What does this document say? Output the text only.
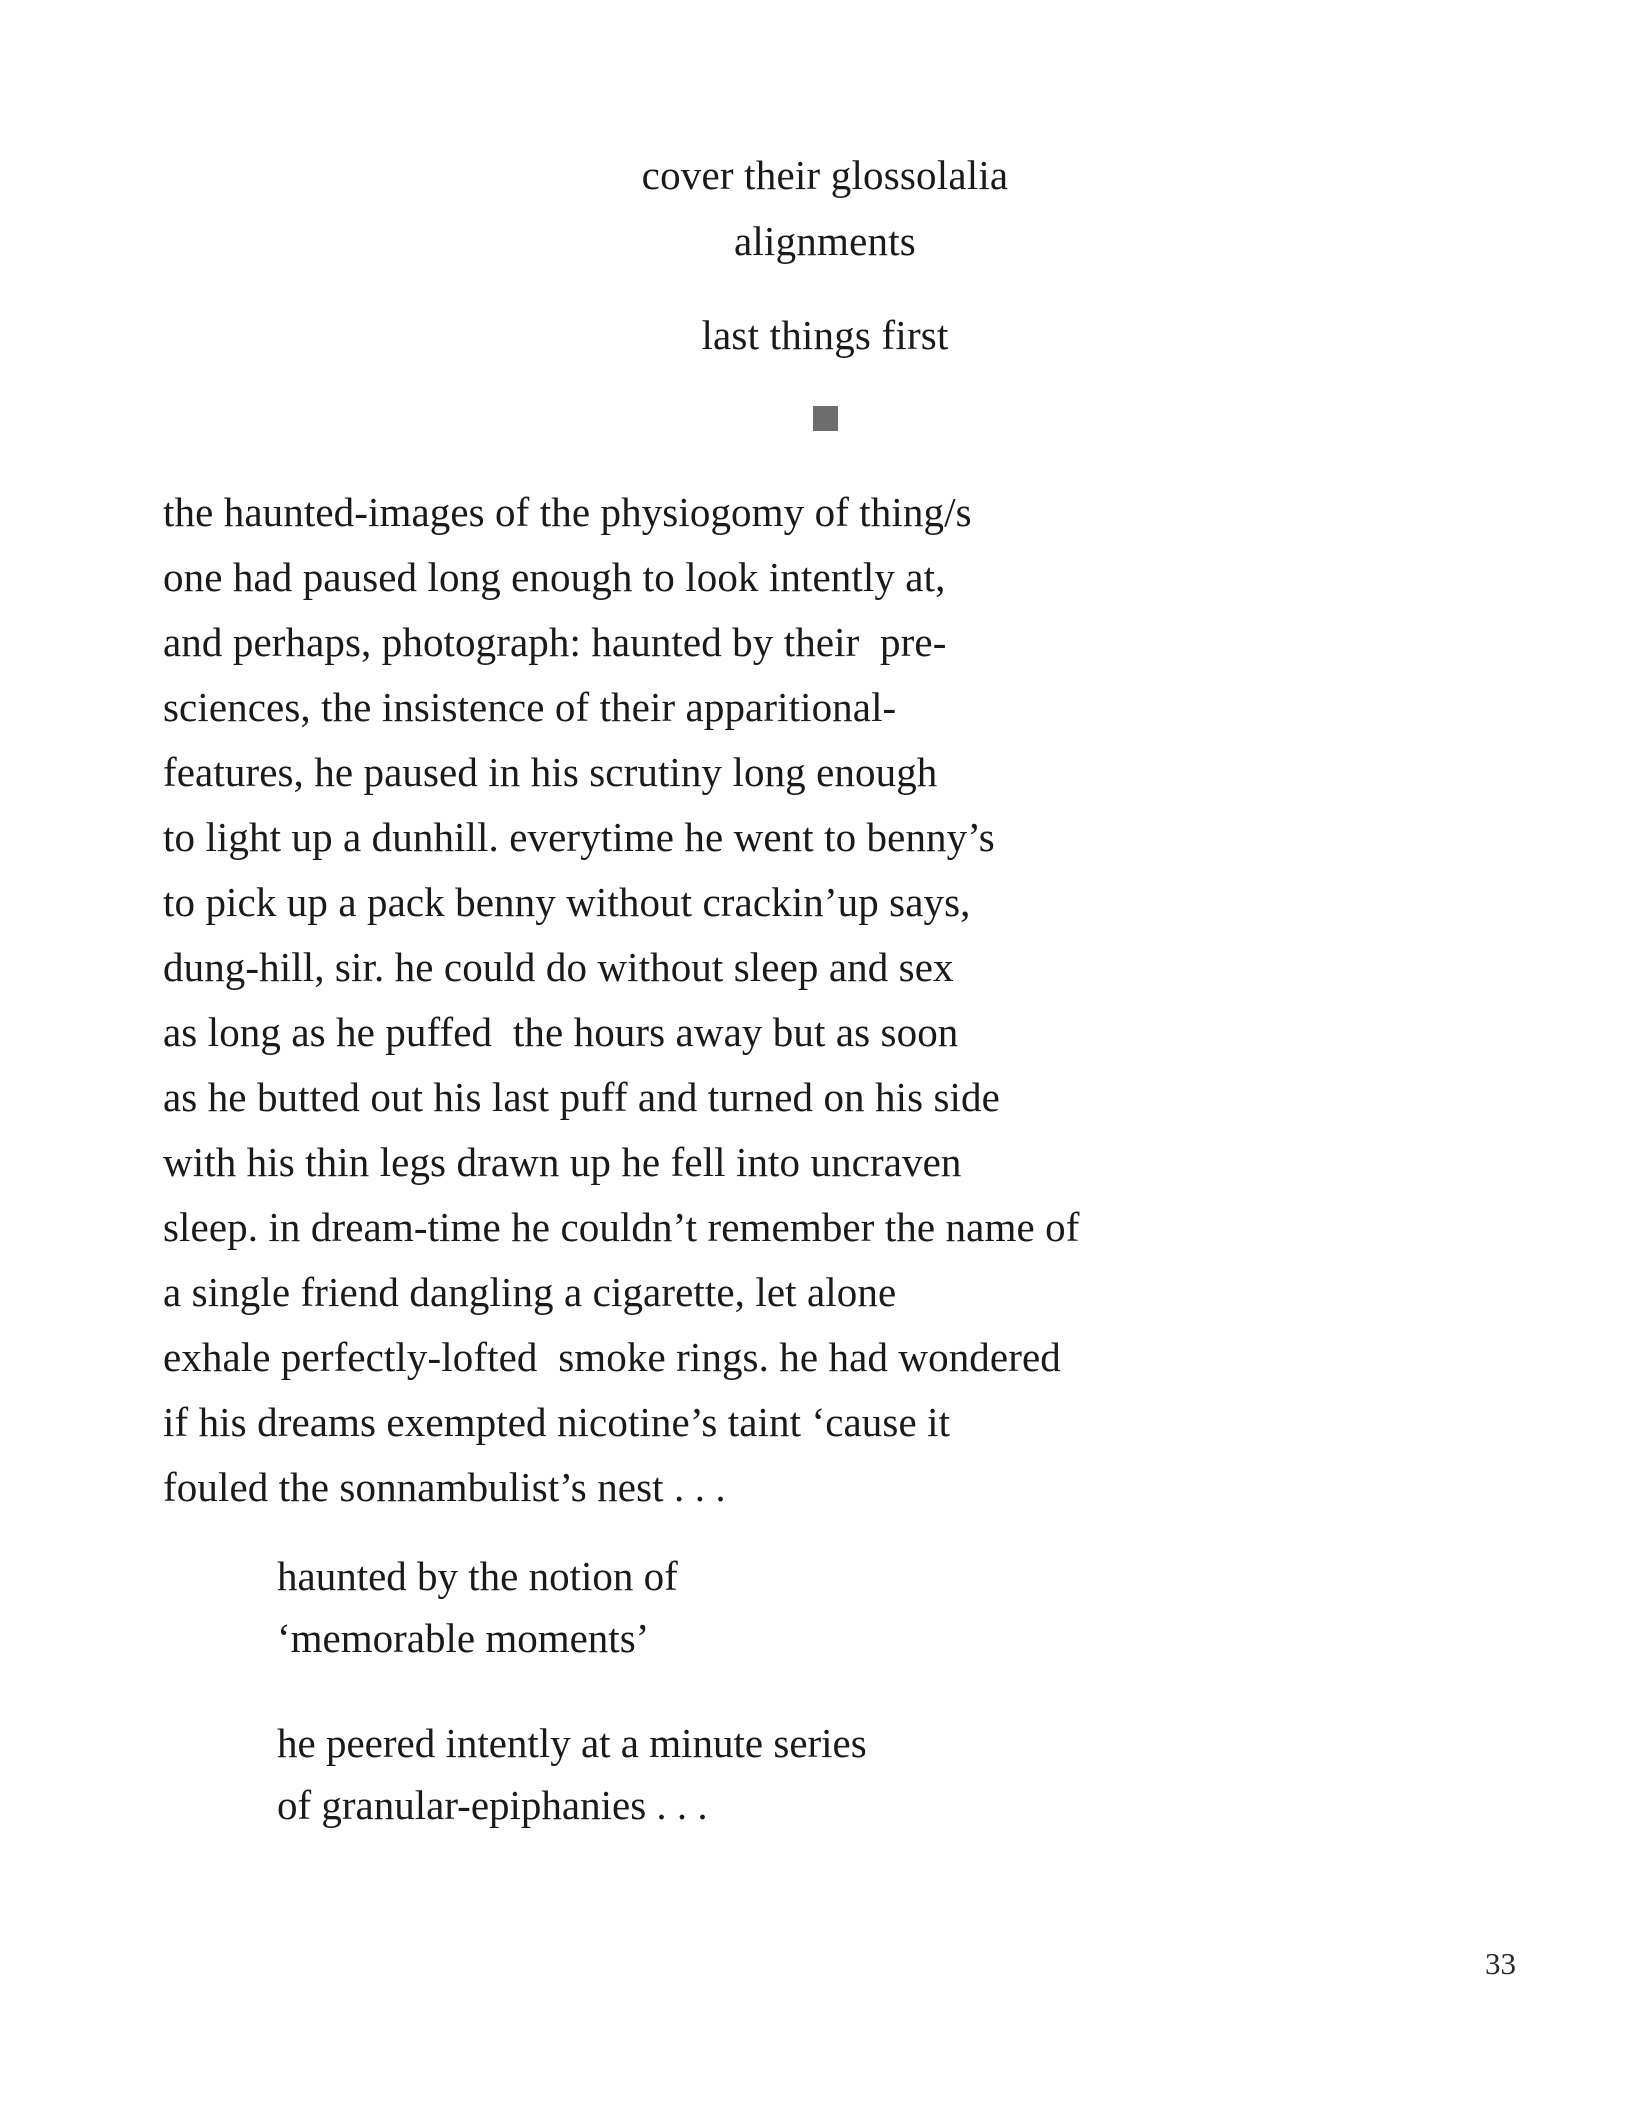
cover their glossolalia
alignments
last things first
the haunted-images of the physiogomy of thing/s
one had paused long enough to look intently at,
and perhaps, photograph: haunted by their  pre-
sciences, the insistence of their apparitional-
features, he paused in his scrutiny long enough
to light up a dunhill. everytime he went to benny’s
to pick up a pack benny without crackin’up says,
dung-hill, sir. he could do without sleep and sex
as long as he puffed  the hours away but as soon
as he butted out his last puff and turned on his side
with his thin legs drawn up he fell into uncraven
sleep. in dream-time he couldn’t remember the name of
a single friend dangling a cigarette, let alone
exhale perfectly-lofted  smoke rings. he had wondered
if his dreams exempted nicotine’s taint ‘cause it
fouled the sonnambulist’s nest . . .
haunted by the notion of
‘memorable moments’
he peered intently at a minute series
of granular-epiphanies . . .
33
